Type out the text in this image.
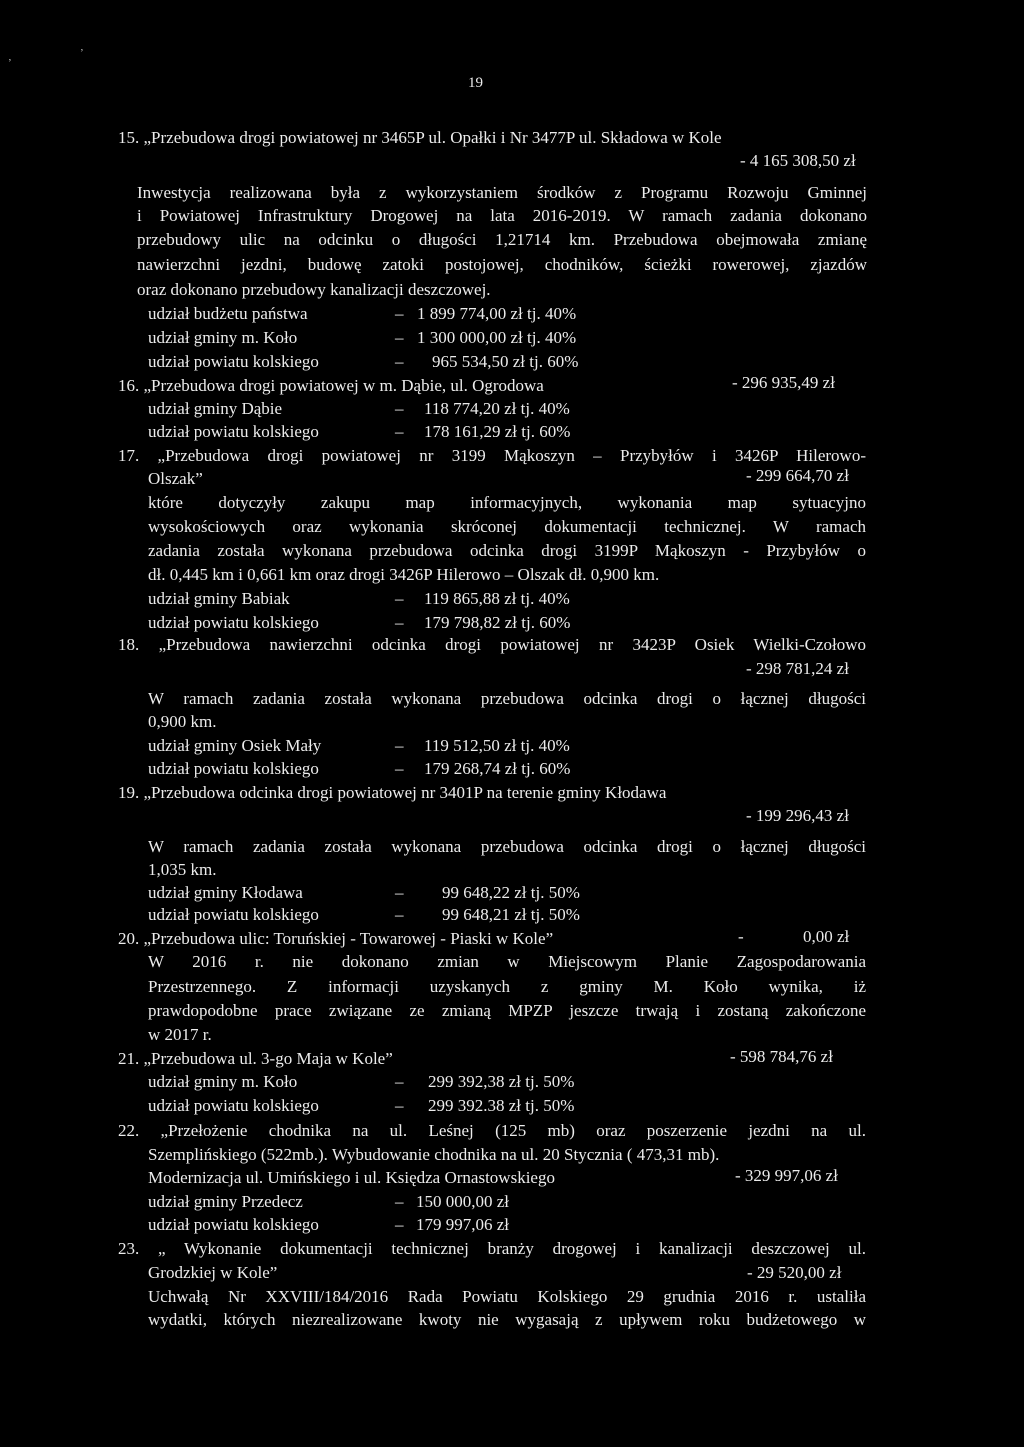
ʼ
ʼ
19
15. „Przebudowa drogi powiatowej nr 3465P ul. Opałki i Nr 3477P ul. Składowa w Kole
- 4 165 308,50 zł
Inwestycja realizowana była z wykorzystaniem środków z Programu Rozwoju Gminnej
i Powiatowej Infrastruktury Drogowej na lata 2016-2019. W ramach zadania dokonano
przebudowy ulic na odcinku o długości 1,21714 km. Przebudowa obejmowała zmianę
nawierzchni jezdni, budowę zatoki postojowej, chodników, ścieżki rowerowej, zjazdów
oraz dokonano przebudowy kanalizacji deszczowej.
udział budżetu państwa	– 1 899 774,00 zł tj. 40%
udział gminy m. Koło	– 1 300 000,00 zł tj. 40%
udział powiatu kolskiego	– 965 534,50 zł tj. 60%
16. „Przebudowa drogi powiatowej w m. Dąbie, ul. Ogrodowa	- 296 935,49 zł
udział gminy Dąbie	– 118 774,20 zł tj. 40%
udział powiatu kolskiego	– 178 161,29 zł tj. 60%
17. „Przebudowa drogi powiatowej nr 3199 Mąkoszyn – Przybyłów i 3426P Hilerowo-
Olszak”	- 299 664,70 zł
które dotyczyły zakupu map informacyjnych, wykonania map sytuacyjno
wysokościowych oraz wykonania skróconej dokumentacji technicznej. W ramach
zadania została wykonana przebudowa odcinka drogi 3199P Mąkoszyn - Przybyłów o
dł. 0,445 km i 0,661 km oraz drogi 3426P Hilerowo – Olszak dł. 0,900 km.
udział gminy Babiak	– 119 865,88 zł tj. 40%
udział powiatu kolskiego	– 179 798,82 zł tj. 60%
18. „Przebudowa nawierzchni odcinka drogi powiatowej nr 3423P Osiek Wielki-Czołowo
- 298 781,24 zł
W ramach zadania została wykonana przebudowa odcinka drogi o łącznej długości
0,900 km.
udział gminy Osiek Mały	– 119 512,50 zł tj. 40%
udział powiatu kolskiego	– 179 268,74 zł tj. 60%
19. „Przebudowa odcinka drogi powiatowej nr 3401P na terenie gminy Kłodawa
- 199 296,43 zł
W ramach zadania została wykonana przebudowa odcinka drogi o łącznej długości
1,035 km.
udział gminy Kłodawa	– 99 648,22 zł tj. 50%
udział powiatu kolskiego	– 99 648,21 zł tj. 50%
20. „Przebudowa ulic: Toruńskiej - Towarowej - Piaski w Kole”	-	0,00 zł
W 2016 r. nie dokonano zmian w Miejscowym Planie Zagospodarowania
Przestrzennego. Z informacji uzyskanych z gminy M. Koło wynika, iż
prawdopodobne prace związane ze zmianą MPZP jeszcze trwają i zostaną zakończone
w 2017 r.
21. „Przebudowa ul. 3-go Maja w Kole”	- 598 784,76 zł
udział gminy m. Koło	– 299 392,38 zł tj. 50%
udział powiatu kolskiego	– 299 392.38 zł tj. 50%
22. „Przełożenie chodnika na ul. Leśnej (125 mb) oraz poszerzenie jezdni na ul.
Szemplińskiego (522mb.). Wybudowanie chodnika na ul. 20 Stycznia ( 473,31 mb).
Modernizacja ul. Umińskiego i ul. Księdza Ornastowskiego	- 329 997,06 zł
udział gminy Przedecz	– 150 000,00 zł
udział powiatu kolskiego	– 179 997,06 zł
23. „ Wykonanie dokumentacji technicznej branży drogowej i kanalizacji deszczowej ul.
Grodzkiej w Kole”	- 29 520,00 zł
Uchwałą Nr XXVIII/184/2016 Rada Powiatu Kolskiego 29 grudnia 2016 r. ustaliła
wydatki, których niezrealizowane kwoty nie wygasają z upływem roku budżetowego w
